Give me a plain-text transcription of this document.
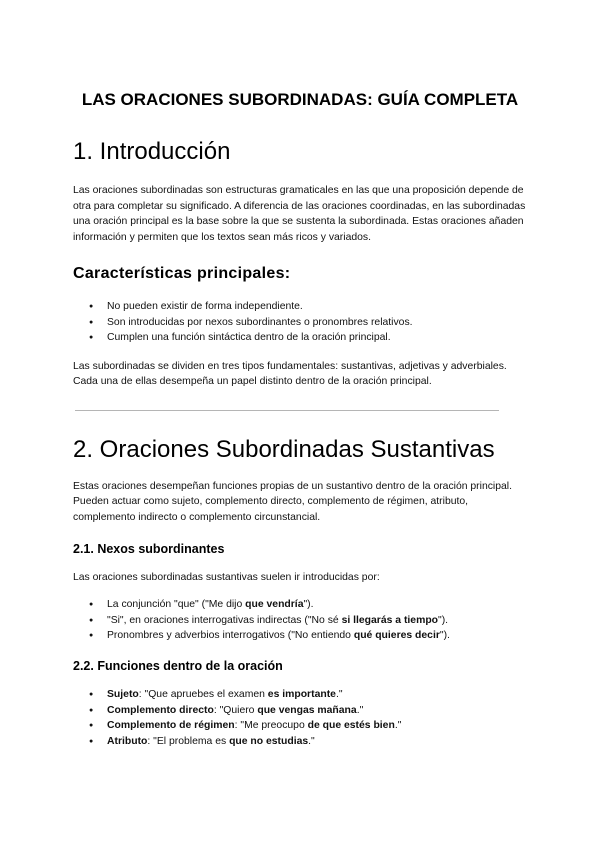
LAS ORACIONES SUBORDINADAS: GUÍA COMPLETA
1. Introducción

Las oraciones subordinadas son estructuras gramaticales en las que una proposición depende de otra para completar su significado. A diferencia de las oraciones coordinadas, en las subordinadas una oración principal es la base sobre la que se sustenta la subordinada. Estas oraciones añaden información y permiten que los textos sean más ricos y variados.

Características principales:
● No pueden existir de forma independiente.
● Son introducidas por nexos subordinantes o pronombres relativos.
● Cumplen una función sintáctica dentro de la oración principal.

Las subordinadas se dividen en tres tipos fundamentales: sustantivas, adjetivas y adverbiales. Cada una de ellas desempeña un papel distinto dentro de la oración principal.

2. Oraciones Subordinadas Sustantivas

Estas oraciones desempeñan funciones propias de un sustantivo dentro de la oración principal. Pueden actuar como sujeto, complemento directo, complemento de régimen, atributo, complemento indirecto o complemento circunstancial.

2.1. Nexos subordinantes

Las oraciones subordinadas sustantivas suelen ir introducidas por:

● La conjunción "que" ("Me dijo que vendría").
● "Si", en oraciones interrogativas indirectas ("No sé si llegarás a tiempo").
● Pronombres y adverbios interrogativos ("No entiendo qué quieres decir").
2.2. Funciones dentro de la oración
● Sujeto: "Que apruebes el examen es importante."
● Complemento directo: "Quiero que vengas mañana."
● Complemento de régimen: "Me preocupo de que estés bien."
● Atributo: "El problema es que no estudias."
